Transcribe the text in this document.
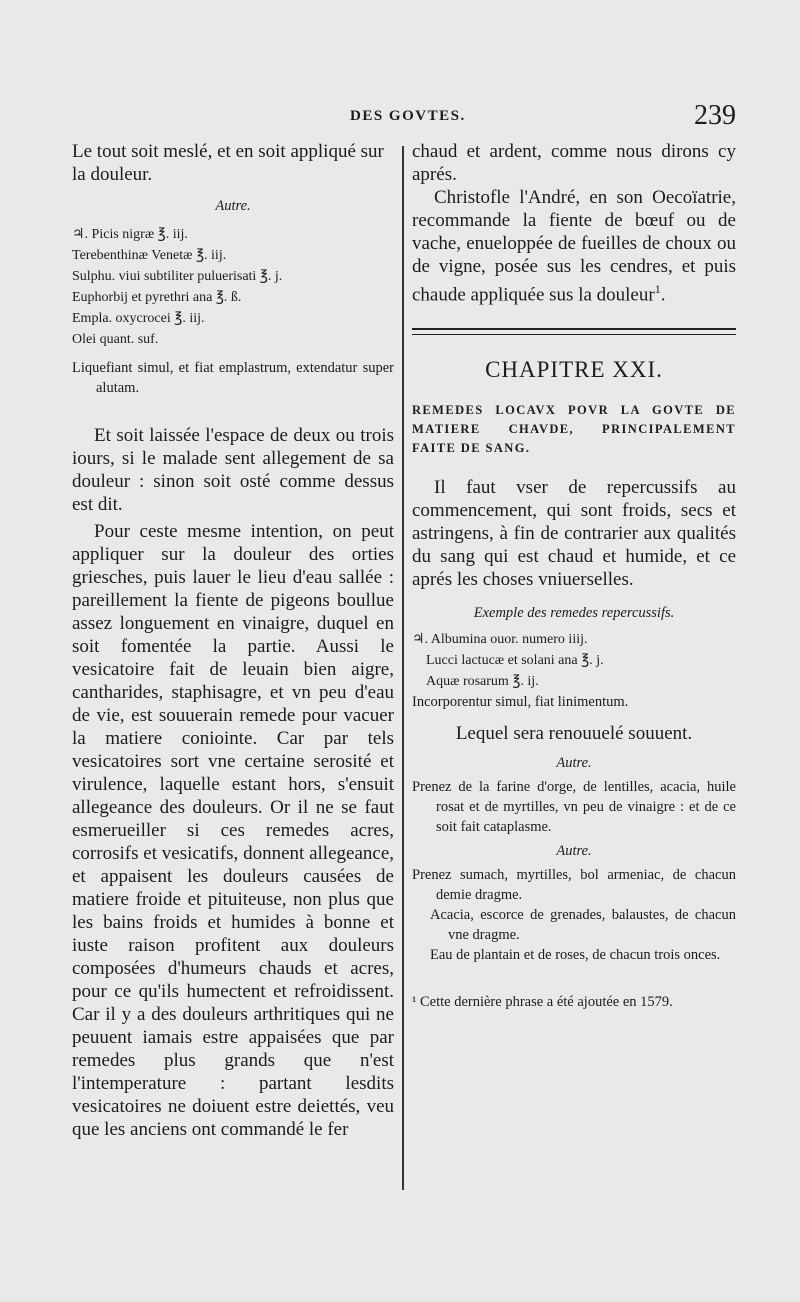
DES GOVTES.	239

Le tout soit meslé, et en soit appliqué sur la douleur.

Autre.

♃. Picis nigræ ℥. iij.
Terebenthinæ Venetæ ℥. iij.
Sulphu. viui subtiliter puluerisati ℥. j.
Euphorbij et pyrethri ana ℥. ß.
Empla. oxycrocei ℥. iij.
Olei quant. suf.

Liquefiant simul, et fiat emplastrum, extendatur super alutam.

Et soit laissée l'espace de deux ou trois iours, si le malade sent allegement de sa douleur : sinon soit osté comme dessus est dit.

Pour ceste mesme intention, on peut appliquer sur la douleur des orties griesches, puis lauer le lieu d'eau sallée : pareillement la fiente de pigeons boullue assez longuement en vinaigre, duquel en soit fomentée la partie. Aussi le vesicatoire fait de leuain bien aigre, cantharides, staphisagre, et vn peu d'eau de vie, est souuerain remede pour vacuer la matiere coniointe. Car par tels vesicatoires sort vne certaine serosité et virulence, laquelle estant hors, s'ensuit allegeance des douleurs. Or il ne se faut esmerueiller si ces remedes acres, corrosifs et vesicatifs, donnent allegeance, et appaisent les douleurs causées de matiere froide et pituiteuse, non plus que les bains froids et humides à bonne et iuste raison profitent aux douleurs composées d'humeurs chauds et acres, pour ce qu'ils humectent et refroidissent. Car il y a des douleurs arthritiques qui ne peuuent iamais estre appaisées que par remedes plus grands que n'est l'intemperature : partant lesdits vesicatoires ne doiuent estre deiettés, veu que les anciens ont commandé le fer

chaud et ardent, comme nous dirons cy aprés.

Christofle l'André, en son Oecoïatrie, recommande la fiente de bœuf ou de vache, enueloppée de fueilles de choux ou de vigne, posée sus les cendres, et puis chaude appliquée sus la douleur$^1$.

CHAPITRE XXI.

REMEDES LOCAVX POVR LA GOVTE DE MATIERE CHAVDE, PRINCIPALEMENT FAITE DE SANG.

Il faut vser de repercussifs au commencement, qui sont froids, secs et astringens, à fin de contrarier aux qualités du sang qui est chaud et humide, et ce aprés les choses vniuerselles.

Exemple des remedes repercussifs.

♃. Albumina ouor. numero iiij.
Lucci lactucæ et solani ana ℥. j.
Aquæ rosarum ℥. ij.

Incorporentur simul, fiat linimentum.

Lequel sera renouuelé souuent.

Autre.

Prenez de la farine d'orge, de lentilles, acacia, huile rosat et de myrtilles, vn peu de vinaigre : et de ce soit fait cataplasme.

Autre.

Prenez sumach, myrtilles, bol armeniac, de chacun demie dragme.

Acacia, escorce de grenades, balaustes, de chacun vne dragme.

Eau de plantain et de roses, de chacun trois onces.

¹ Cette dernière phrase a été ajoutée en 1579.
